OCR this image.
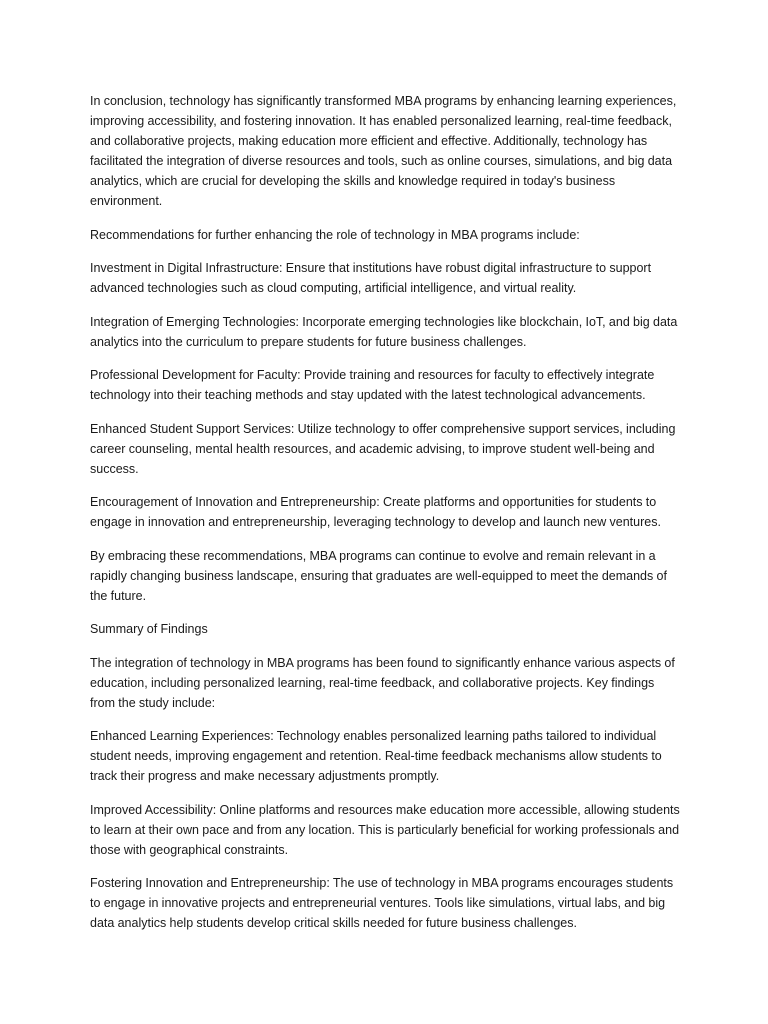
In conclusion, technology has significantly transformed MBA programs by enhancing learning experiences, improving accessibility, and fostering innovation. It has enabled personalized learning, real-time feedback, and collaborative projects, making education more efficient and effective. Additionally, technology has facilitated the integration of diverse resources and tools, such as online courses, simulations, and big data analytics, which are crucial for developing the skills and knowledge required in today's business environment.

Recommendations for further enhancing the role of technology in MBA programs include:

Investment in Digital Infrastructure: Ensure that institutions have robust digital infrastructure to support advanced technologies such as cloud computing, artificial intelligence, and virtual reality.

Integration of Emerging Technologies: Incorporate emerging technologies like blockchain, IoT, and big data analytics into the curriculum to prepare students for future business challenges.

Professional Development for Faculty: Provide training and resources for faculty to effectively integrate technology into their teaching methods and stay updated with the latest technological advancements.

Enhanced Student Support Services: Utilize technology to offer comprehensive support services, including career counseling, mental health resources, and academic advising, to improve student well-being and success.

Encouragement of Innovation and Entrepreneurship: Create platforms and opportunities for students to engage in innovation and entrepreneurship, leveraging technology to develop and launch new ventures.

By embracing these recommendations, MBA programs can continue to evolve and remain relevant in a rapidly changing business landscape, ensuring that graduates are well-equipped to meet the demands of the future.

Summary of Findings

The integration of technology in MBA programs has been found to significantly enhance various aspects of education, including personalized learning, real-time feedback, and collaborative projects. Key findings from the study include:

Enhanced Learning Experiences: Technology enables personalized learning paths tailored to individual student needs, improving engagement and retention. Real-time feedback mechanisms allow students to track their progress and make necessary adjustments promptly.

Improved Accessibility: Online platforms and resources make education more accessible, allowing students to learn at their own pace and from any location. This is particularly beneficial for working professionals and those with geographical constraints.

Fostering Innovation and Entrepreneurship: The use of technology in MBA programs encourages students to engage in innovative projects and entrepreneurial ventures. Tools like simulations, virtual labs, and big data analytics help students develop critical skills needed for future business challenges.
